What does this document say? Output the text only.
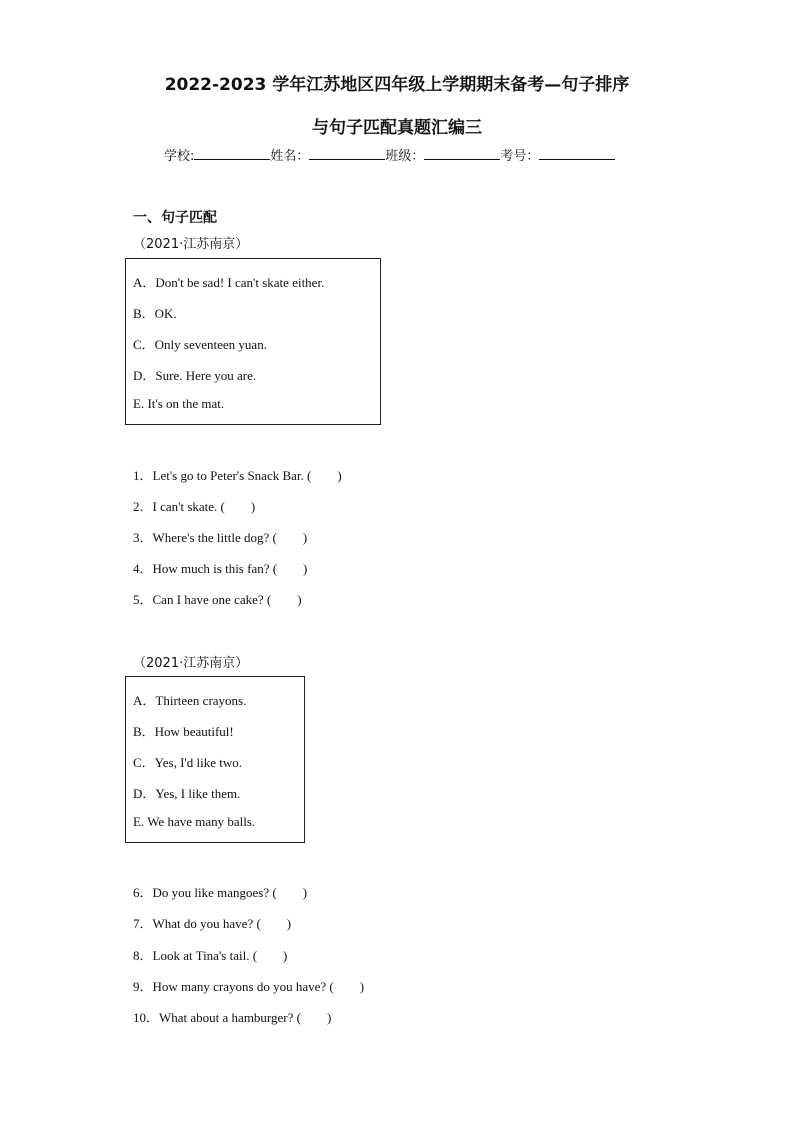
2022-2023 学年江苏地区四年级上学期期末备考—句子排序
与句子匹配真题汇编三
学校:	姓名：	班级：	考号：
一、句子匹配
（2021·江苏南京）
A．Don't be sad! I can't skate either.
B．OK.
C．Only seventeen yuan.
D．Sure. Here you are.
E. It's on the mat.
1．Let's go to Peter's Snack Bar. (　　)
2．I can't skate. (　　)
3．Where's the little dog? (　　)
4．How much is this fan? (　　)
5．Can I have one cake? (　　)
（2021·江苏南京）
A．Thirteen crayons.
B．How beautiful!
C．Yes, I'd like two.
D．Yes, I like them.
E. We have many balls.
6．Do you like mangoes? (　　)
7．What do you have? (　　)
8．Look at Tina's tail. (　　)
9．How many crayons do you have? (　　)
10．What about a hamburger? (　　)
